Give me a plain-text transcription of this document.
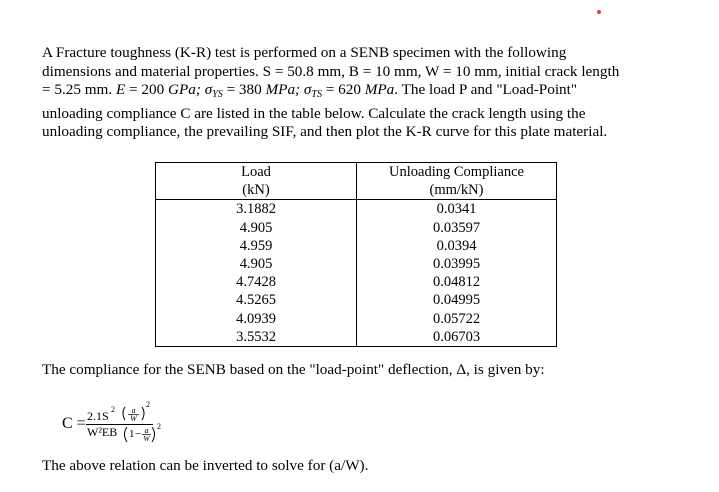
A Fracture toughness (K-R) test is performed on a SENB specimen with the following
dimensions and material properties. S = 50.8 mm, B = 10 mm, W = 10 mm, initial crack length
= 5.25 mm. E = 200 GPa; $\sigma_{YS} = 380$ MPa; $\sigma_{TS} = 620$ MPa. The load P and "Load-Point"
unloading compliance C are listed in the table below. Calculate the crack length using the
unloading compliance, the prevailing SIF, and then plot the K-R curve for this plate material.
Load	Unloading Compliance
(kN)	(mm/kN)
3.1882	0.0341
4.905	0.03597
4.959	0.0394
4.905	0.03995
4.7428	0.04812
4.5265	0.04995
4.0939	0.05722
3.5532	0.06703
The compliance for the SENB based on the "load-point" deflection, Δ, is given by:
C = 2.1S 2 a
W
2
W²EB 1 − a
W
2
The above relation can be inverted to solve for (a/W).
